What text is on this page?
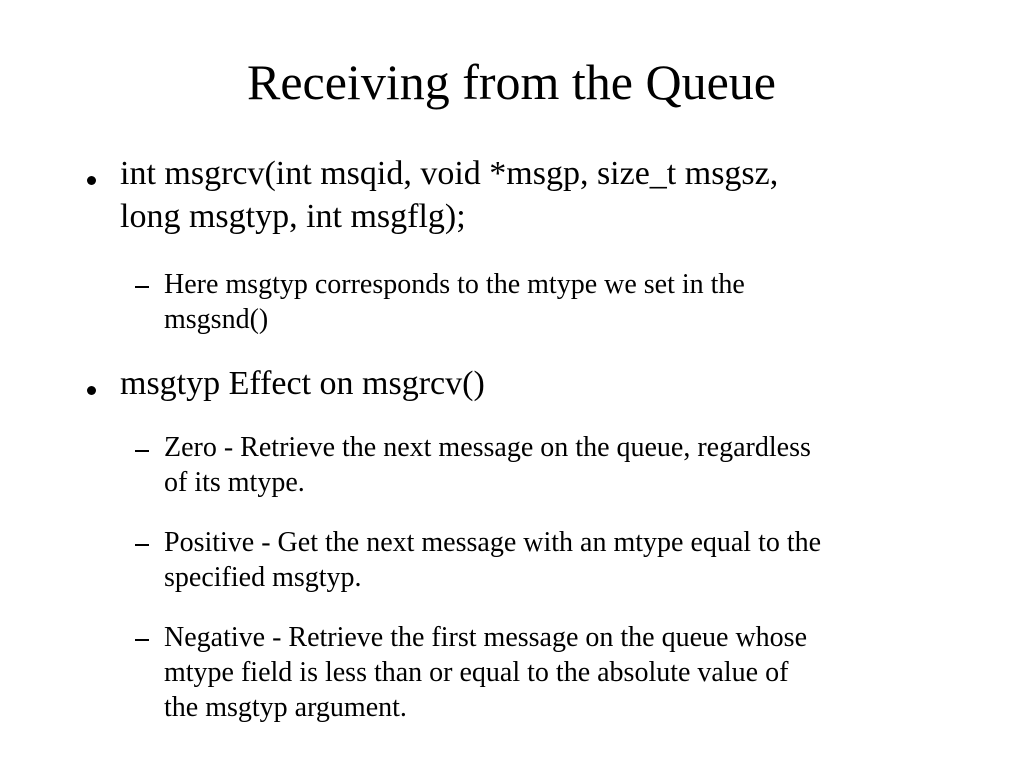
Receiving from the Queue

int msgrcv(int msqid, void *msgp, size_t msgsz,
long msgtyp, int msgflg);

Here msgtyp corresponds to the mtype we set in the
msgsnd()

msgtyp Effect on msgrcv()

Zero - Retrieve the next message on the queue, regardless
of its mtype.

Positive - Get the next message with an mtype equal to the
specified msgtyp.

Negative - Retrieve the first message on the queue whose
mtype field is less than or equal to the absolute value of
the msgtyp argument.
